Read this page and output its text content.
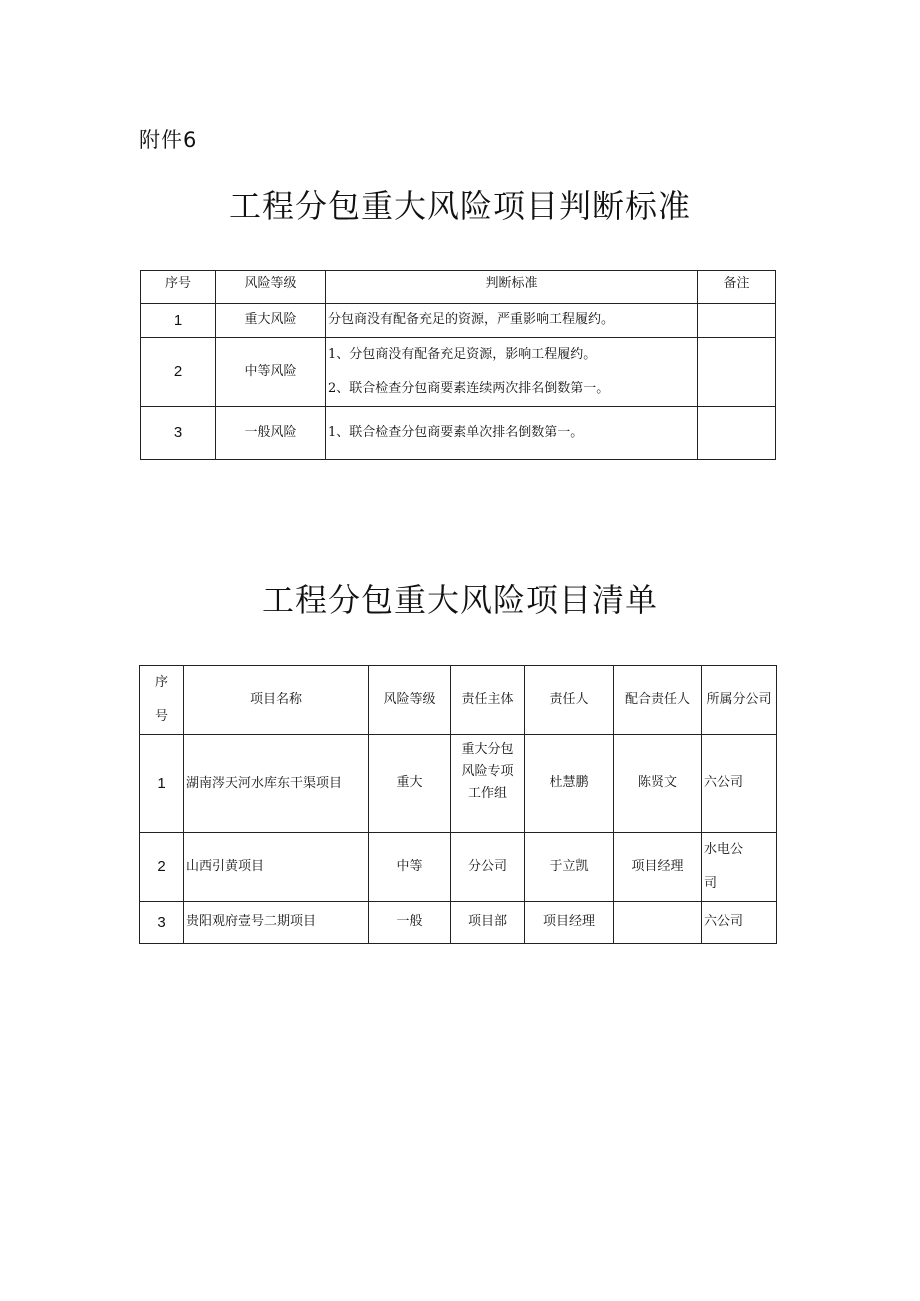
附件6
工程分包重大风险项目判断标准
序号	风险等级	判断标准	备注
1	重大风险	分包商没有配备充足的资源，严重影响工程履约。	
2	中等风险	1、分包商没有配备充足资源，影响工程履约。
2、联合检查分包商要素连续两次排名倒数第一。	

3	一般风险	1、联合检查分包商要素单次排名倒数第一。	
工程分包重大风险项目清单
序号	项目名称	风险等级	责任主体	责任人	配合责任人	所属分公司
1	湖南涔天河水库东干渠项目	重大	重大分包风险专项工作组	杜慧鹏	陈贤文	六公司
2	山西引黄项目	中等	分公司	于立凯	项目经理	水电公司
3	贵阳观府壹号二期项目	一般	项目部	项目经理		六公司
